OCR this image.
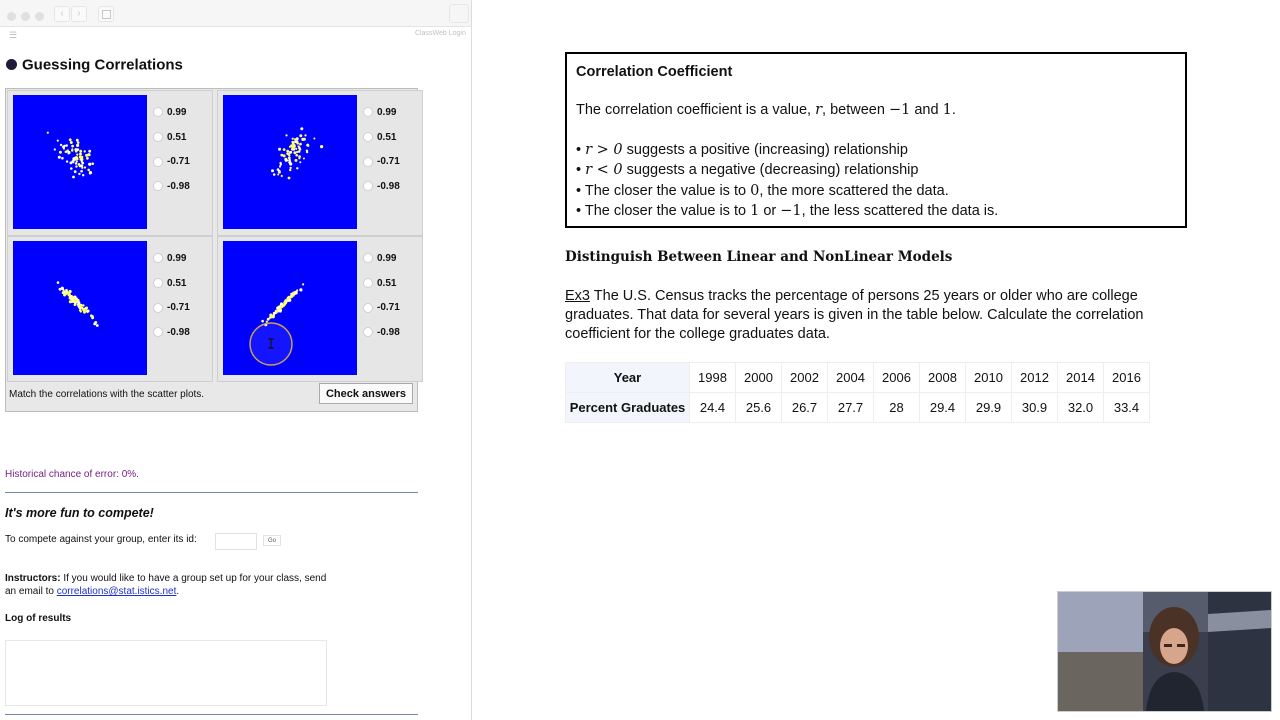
‹	›
☰	ClassWeb Login
Guessing Correlations
0.99
0.51
-0.71
-0.98
0.99
0.51
-0.71
-0.98
0.99
0.51
-0.71
-0.98
0.99
0.51
-0.71
-0.98
Match the correlations with the scatter plots.	Check answers
Historical chance of error: 0%.
It's more fun to compete!
To compete against your group, enter its id:	Go
Instructors: If you would like to have a group set up for your class, send an email to correlations@stat.istics.net.
Log of results
Correlation Coefficient
The correlation coefficient is a value, r, between −1 and 1.
• r > 0 suggests a positive (increasing) relationship
• r < 0 suggests a negative (decreasing) relationship
• The closer the value is to 0, the more scattered the data.
• The closer the value is to 1 or −1, the less scattered the data is.
Distinguish Between Linear and NonLinear Models
Ex3 The U.S. Census tracks the percentage of persons 25 years or older who are college graduates. That data for several years is given in the table below. Calculate the correlation coefficient for the college graduates data.
Year	1998	2000	2002	2004	2006	2008	2010	2012	2014	2016
Percent Graduates	24.4	25.6	26.7	27.7	28	29.4	29.9	30.9	32.0	33.4
